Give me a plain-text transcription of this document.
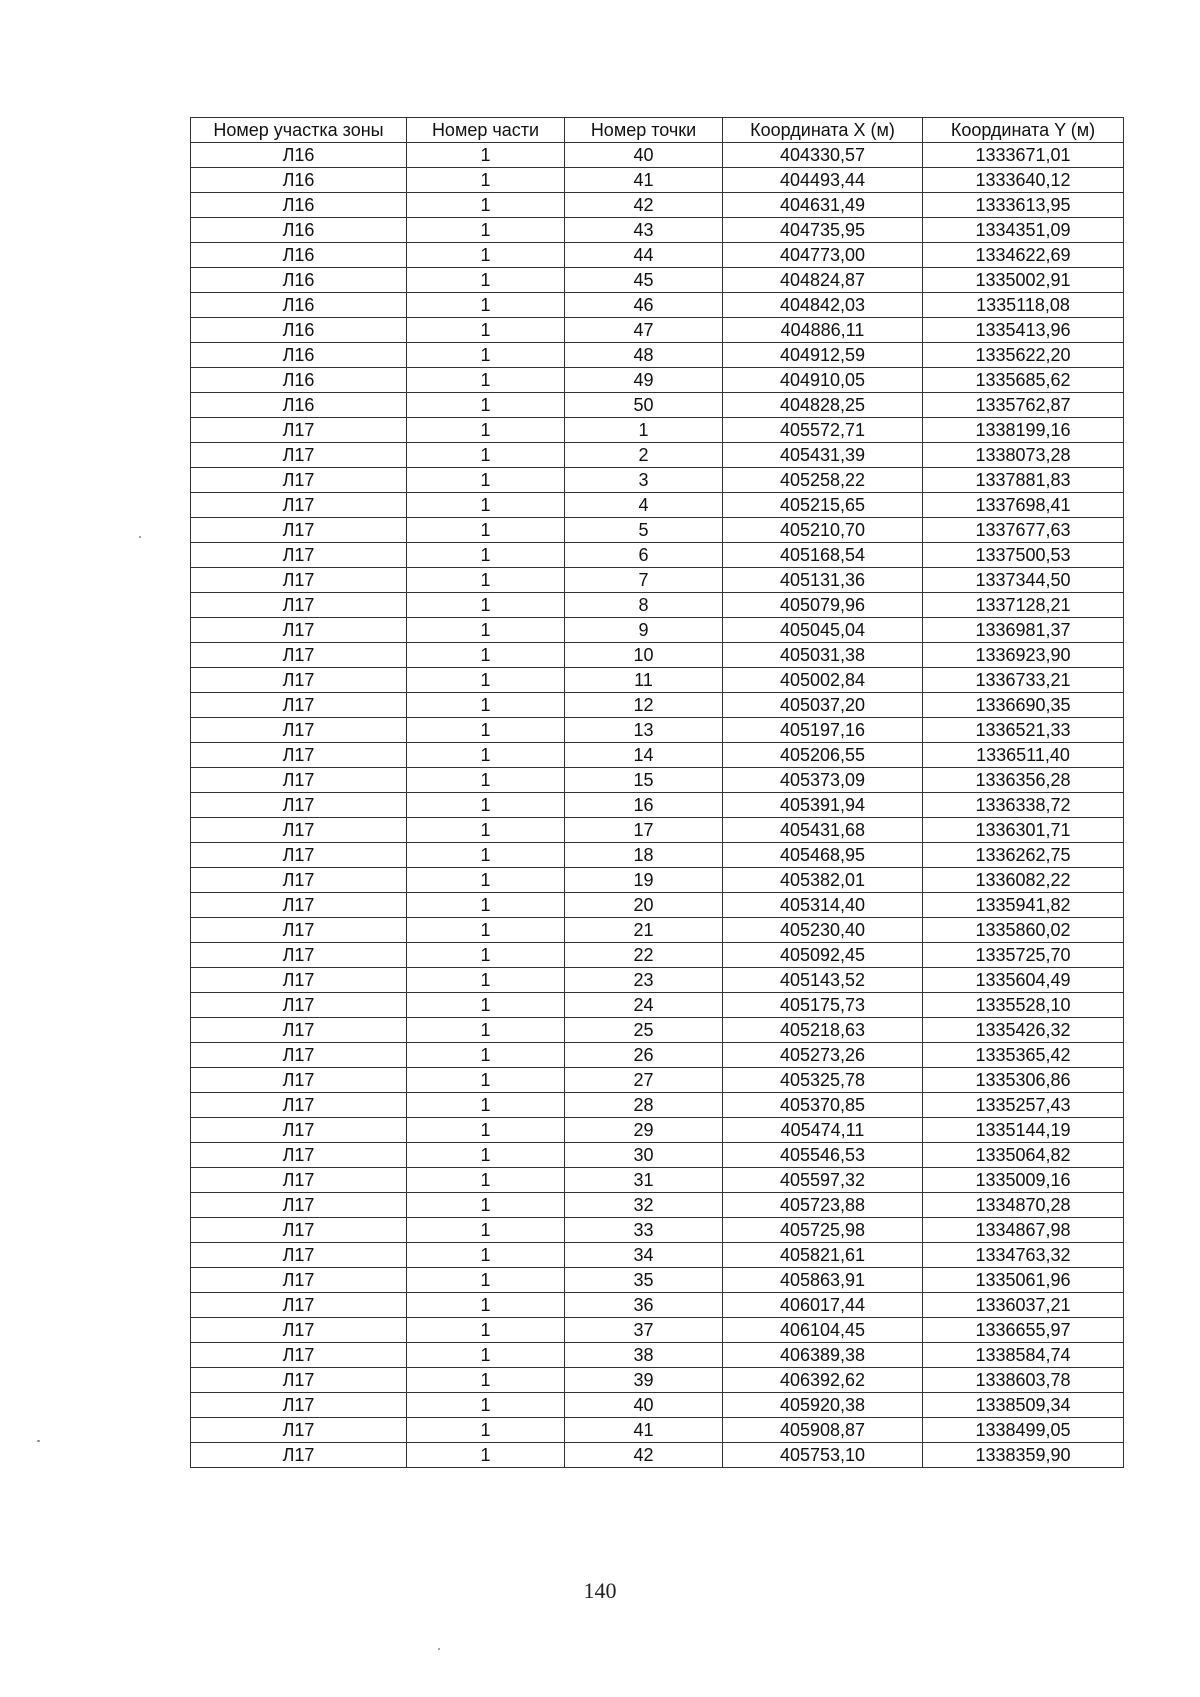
Номер участка зоны	Номер части	Номер точки	Координата X (м)	Координата Y (м)
Л16	1	40	404330,57	1333671,01
Л16	1	41	404493,44	1333640,12
Л16	1	42	404631,49	1333613,95
Л16	1	43	404735,95	1334351,09
Л16	1	44	404773,00	1334622,69
Л16	1	45	404824,87	1335002,91
Л16	1	46	404842,03	1335118,08
Л16	1	47	404886,11	1335413,96
Л16	1	48	404912,59	1335622,20
Л16	1	49	404910,05	1335685,62
Л16	1	50	404828,25	1335762,87
Л17	1	1	405572,71	1338199,16
Л17	1	2	405431,39	1338073,28
Л17	1	3	405258,22	1337881,83
Л17	1	4	405215,65	1337698,41
Л17	1	5	405210,70	1337677,63
Л17	1	6	405168,54	1337500,53
Л17	1	7	405131,36	1337344,50
Л17	1	8	405079,96	1337128,21
Л17	1	9	405045,04	1336981,37
Л17	1	10	405031,38	1336923,90
Л17	1	11	405002,84	1336733,21
Л17	1	12	405037,20	1336690,35
Л17	1	13	405197,16	1336521,33
Л17	1	14	405206,55	1336511,40
Л17	1	15	405373,09	1336356,28
Л17	1	16	405391,94	1336338,72
Л17	1	17	405431,68	1336301,71
Л17	1	18	405468,95	1336262,75
Л17	1	19	405382,01	1336082,22
Л17	1	20	405314,40	1335941,82
Л17	1	21	405230,40	1335860,02
Л17	1	22	405092,45	1335725,70
Л17	1	23	405143,52	1335604,49
Л17	1	24	405175,73	1335528,10
Л17	1	25	405218,63	1335426,32
Л17	1	26	405273,26	1335365,42
Л17	1	27	405325,78	1335306,86
Л17	1	28	405370,85	1335257,43
Л17	1	29	405474,11	1335144,19
Л17	1	30	405546,53	1335064,82
Л17	1	31	405597,32	1335009,16
Л17	1	32	405723,88	1334870,28
Л17	1	33	405725,98	1334867,98
Л17	1	34	405821,61	1334763,32
Л17	1	35	405863,91	1335061,96
Л17	1	36	406017,44	1336037,21
Л17	1	37	406104,45	1336655,97
Л17	1	38	406389,38	1338584,74
Л17	1	39	406392,62	1338603,78
Л17	1	40	405920,38	1338509,34
Л17	1	41	405908,87	1338499,05
Л17	1	42	405753,10	1338359,90
140
